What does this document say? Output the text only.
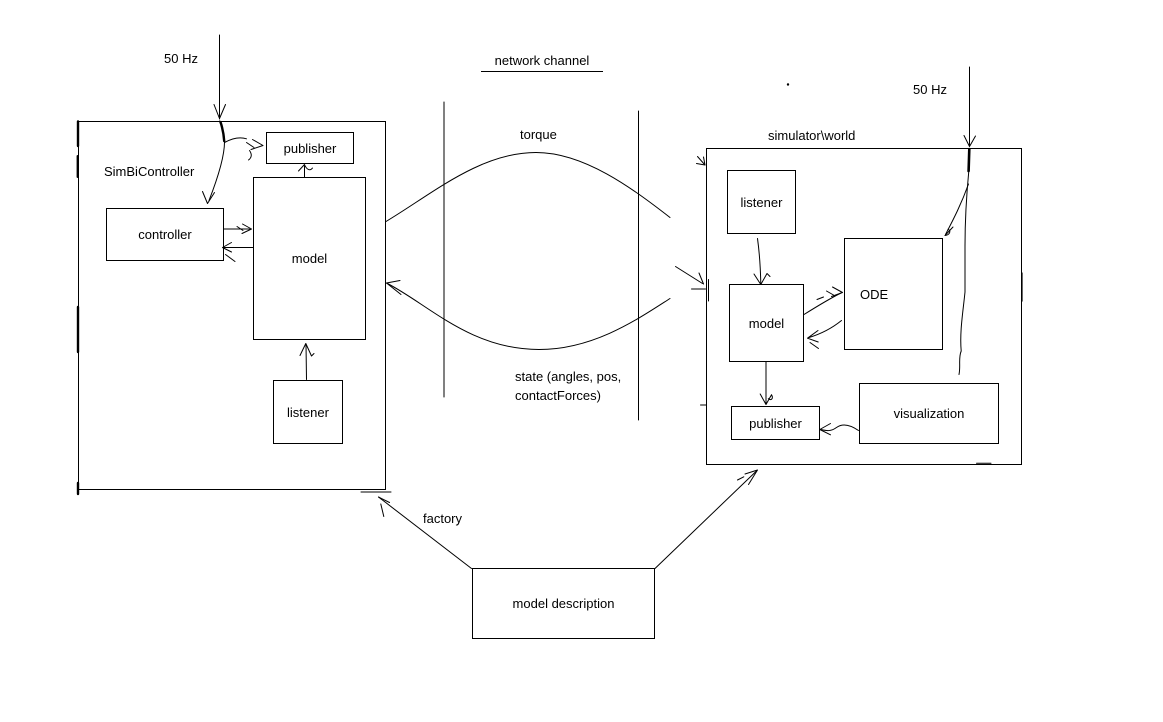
controller
publisher
model
listener
listener
model
ODE
publisher
visualization
model description
50 Hz
50 Hz
network channel
torque
state (angles, pos,
contactForces)
factory
SimBiController
simulator\world
